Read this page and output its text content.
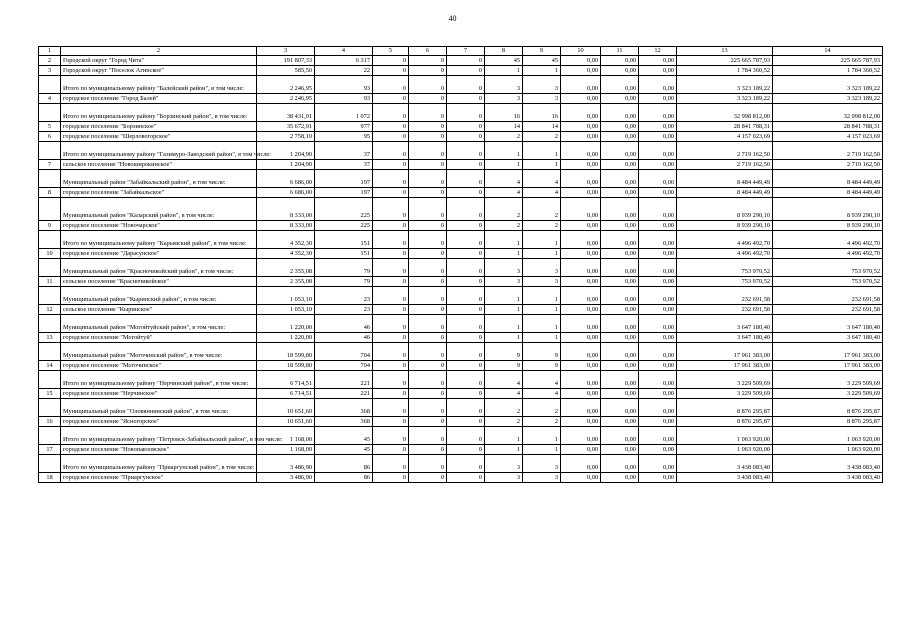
40
1	2	3	4	5	6	7	8	9	10	11	12	13	14
2	Городской округ "Город Чита"	191 807,33	6 317	0	0	0	45	45	0,00	0,00	0,00	225 665 787,93	225 665 787,93
3	Городской округ "Поселок Агинское"	585,50	22	0	0	0	1	1	0,00	0,00	0,00	1 784 360,52	1 784 360,52
	Итого по муниципальному району "Балейский район", в том числе:	2 246,95	93	0	0	0	3	3	0,00	0,00	0,00	3 323 189,22	3 323 189,22
4	городское поселение "Город Балей"	2 246,95	93	0	0	0	3	3	0,00	0,00	0,00	3 323 189,22	3 323 189,22
	Итого по муниципальному району "Борзинский район", в том числе:	38 431,01	1 072	0	0	0	16	16	0,00	0,00	0,00	32 998 812,00	32 998 812,00
5	городское поселение "Борзинское"	35 672,91	977	0	0	0	14	14	0,00	0,00	0,00	28 841 788,31	28 841 788,31
6	городское поселение "Шерловогорское"	2 758,10	95	0	0	0	2	2	0,00	0,00	0,00	4 157 023,69	4 157 023,69
	Итого по муниципальному району "Газимуро-Заводский район", в том числе:	1 204,90	37	0	0	0	1	1	0,00	0,00	0,00	2 719 162,50	2 719 162,50
7	сельское поселение "Новоширокинское"	1 204,90	37	0	0	0	1	1	0,00	0,00	0,00	2 719 162,50	2 719 162,50
	Муниципальный район "Забайкальский район", в том числе:	6 686,00	197	0	0	0	4	4	0,00	0,00	0,00	8 484 449,49	8 484 449,49
8	городское поселение "Забайкальское"	6 686,00	197	0	0	0	4	4	0,00	0,00	0,00	8 484 449,49	8 484 449,49
	Муниципальный район "Каларский район", в том числе:	8 333,00	225	0	0	0	2	2	0,00	0,00	0,00	8 939 290,10	8 939 290,10
9	городское поселение "Новочарское"	8 333,00	225	0	0	0	2	2	0,00	0,00	0,00	8 939 290,10	8 939 290,10
	Итого по муниципальному району "Карымский район", в том числе:	4 352,30	151	0	0	0	1	1	0,00	0,00	0,00	4 496 492,70	4 496 492,70
10	городское поселение "Дарасунское"	4 352,30	151	0	0	0	1	1	0,00	0,00	0,00	4 496 492,70	4 496 492,70
	Муниципальный район "Красночикойский район", в том числе:	2 355,08	79	0	0	0	3	3	0,00	0,00	0,00	753 970,52	753 970,52
11	сельское поселение "Красночикойское"	2 355,08	79	0	0	0	3	3	0,00	0,00	0,00	753 970,52	753 970,52
	Муниципальный район "Кыринский район", в том числе:	1 053,10	23	0	0	0	1	1	0,00	0,00	0,00	232 691,58	232 691,58
12	сельское поселение "Кыринское"	1 053,10	23	0	0	0	1	1	0,00	0,00	0,00	232 691,58	232 691,58
	Муниципальный район "Могойтуйский район", в том числе:	1 220,00	46	0	0	0	1	1	0,00	0,00	0,00	3 647 180,40	3 647 180,40
13	городское поселение "Могойтуй"	1 220,00	46	0	0	0	1	1	0,00	0,00	0,00	3 647 180,40	3 647 180,40
	Муниципальный район "Могочинский район", в том числе:	18 599,80	704	0	0	0	9	9	0,00	0,00	0,00	17 961 383,00	17 961 383,00
14	городское поселение "Могочинское"	18 599,80	704	0	0	0	9	9	0,00	0,00	0,00	17 961 383,00	17 961 383,00
	Итого по муниципальному району "Нерчинский район", в том числе:	6 714,51	221	0	0	0	4	4	0,00	0,00	0,00	3 229 509,69	3 229 509,69
15	городское поселение "Нерчинское"	6 714,51	221	0	0	0	4	4	0,00	0,00	0,00	3 229 509,69	3 229 509,69
	Муниципальный район "Оловяннинский район", в том числе:	10 651,60	368	0	0	0	2	2	0,00	0,00	0,00	8 876 295,87	8 876 295,87
16	городское поселение "Ясногорское"	10 651,60	368	0	0	0	2	2	0,00	0,00	0,00	8 876 295,87	8 876 295,87
	Итого по муниципальному району "Петровск-Забайкальский район", в том числе:	1 168,00	45	0	0	0	1	1	0,00	0,00	0,00	1 063 920,00	1 063 920,00
17	городское поселение "Новопавловское"	1 168,00	45	0	0	0	1	1	0,00	0,00	0,00	1 063 920,00	1 063 920,00
	Итого по муниципальному району "Приаргунский район", в том числе:	3 486,90	86	0	0	0	3	3	0,00	0,00	0,00	3 438 083,40	3 438 083,40
18	городское поселение "Приаргунское"	3 486,90	86	0	0	0	3	3	0,00	0,00	0,00	3 438 083,40	3 438 083,40
